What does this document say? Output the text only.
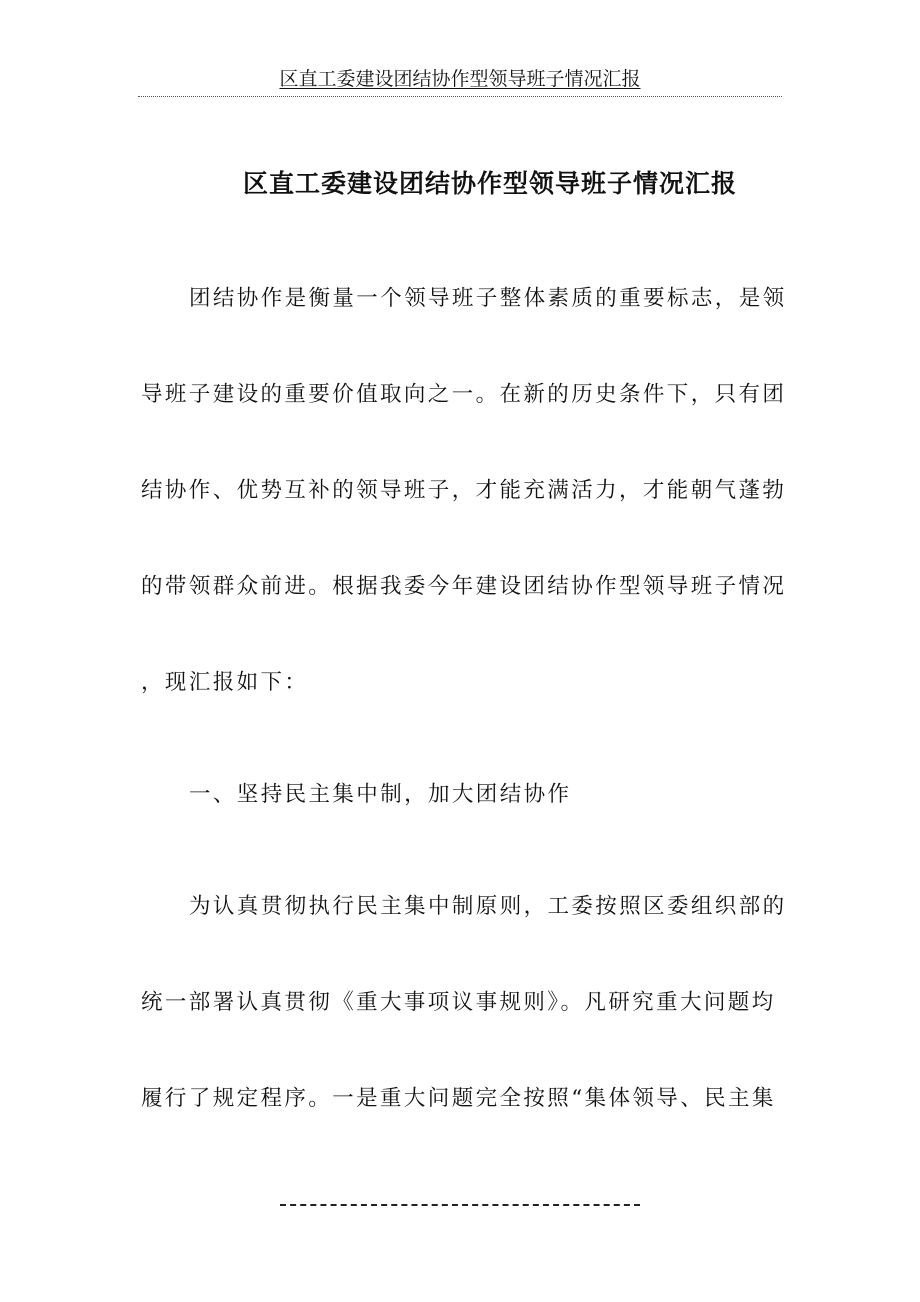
区直工委建设团结协作型领导班子情况汇报
区直工委建设团结协作型领导班子情况汇报
团结协作是衡量一个领导班子整体素质的重要标志，是领
导班子建设的重要价值取向之一。在新的历史条件下，只有团
结协作、优势互补的领导班子，才能充满活力，才能朝气蓬勃
的带领群众前进。根据我委今年建设团结协作型领导班子情况
，现汇报如下：
一、坚持民主集中制，加大团结协作
为认真贯彻执行民主集中制原则，工委按照区委组织部的
统一部署认真贯彻《重大事项议事规则》。凡研究重大问题均
履行了规定程序。一是重大问题完全按照“集体领导、民主集
